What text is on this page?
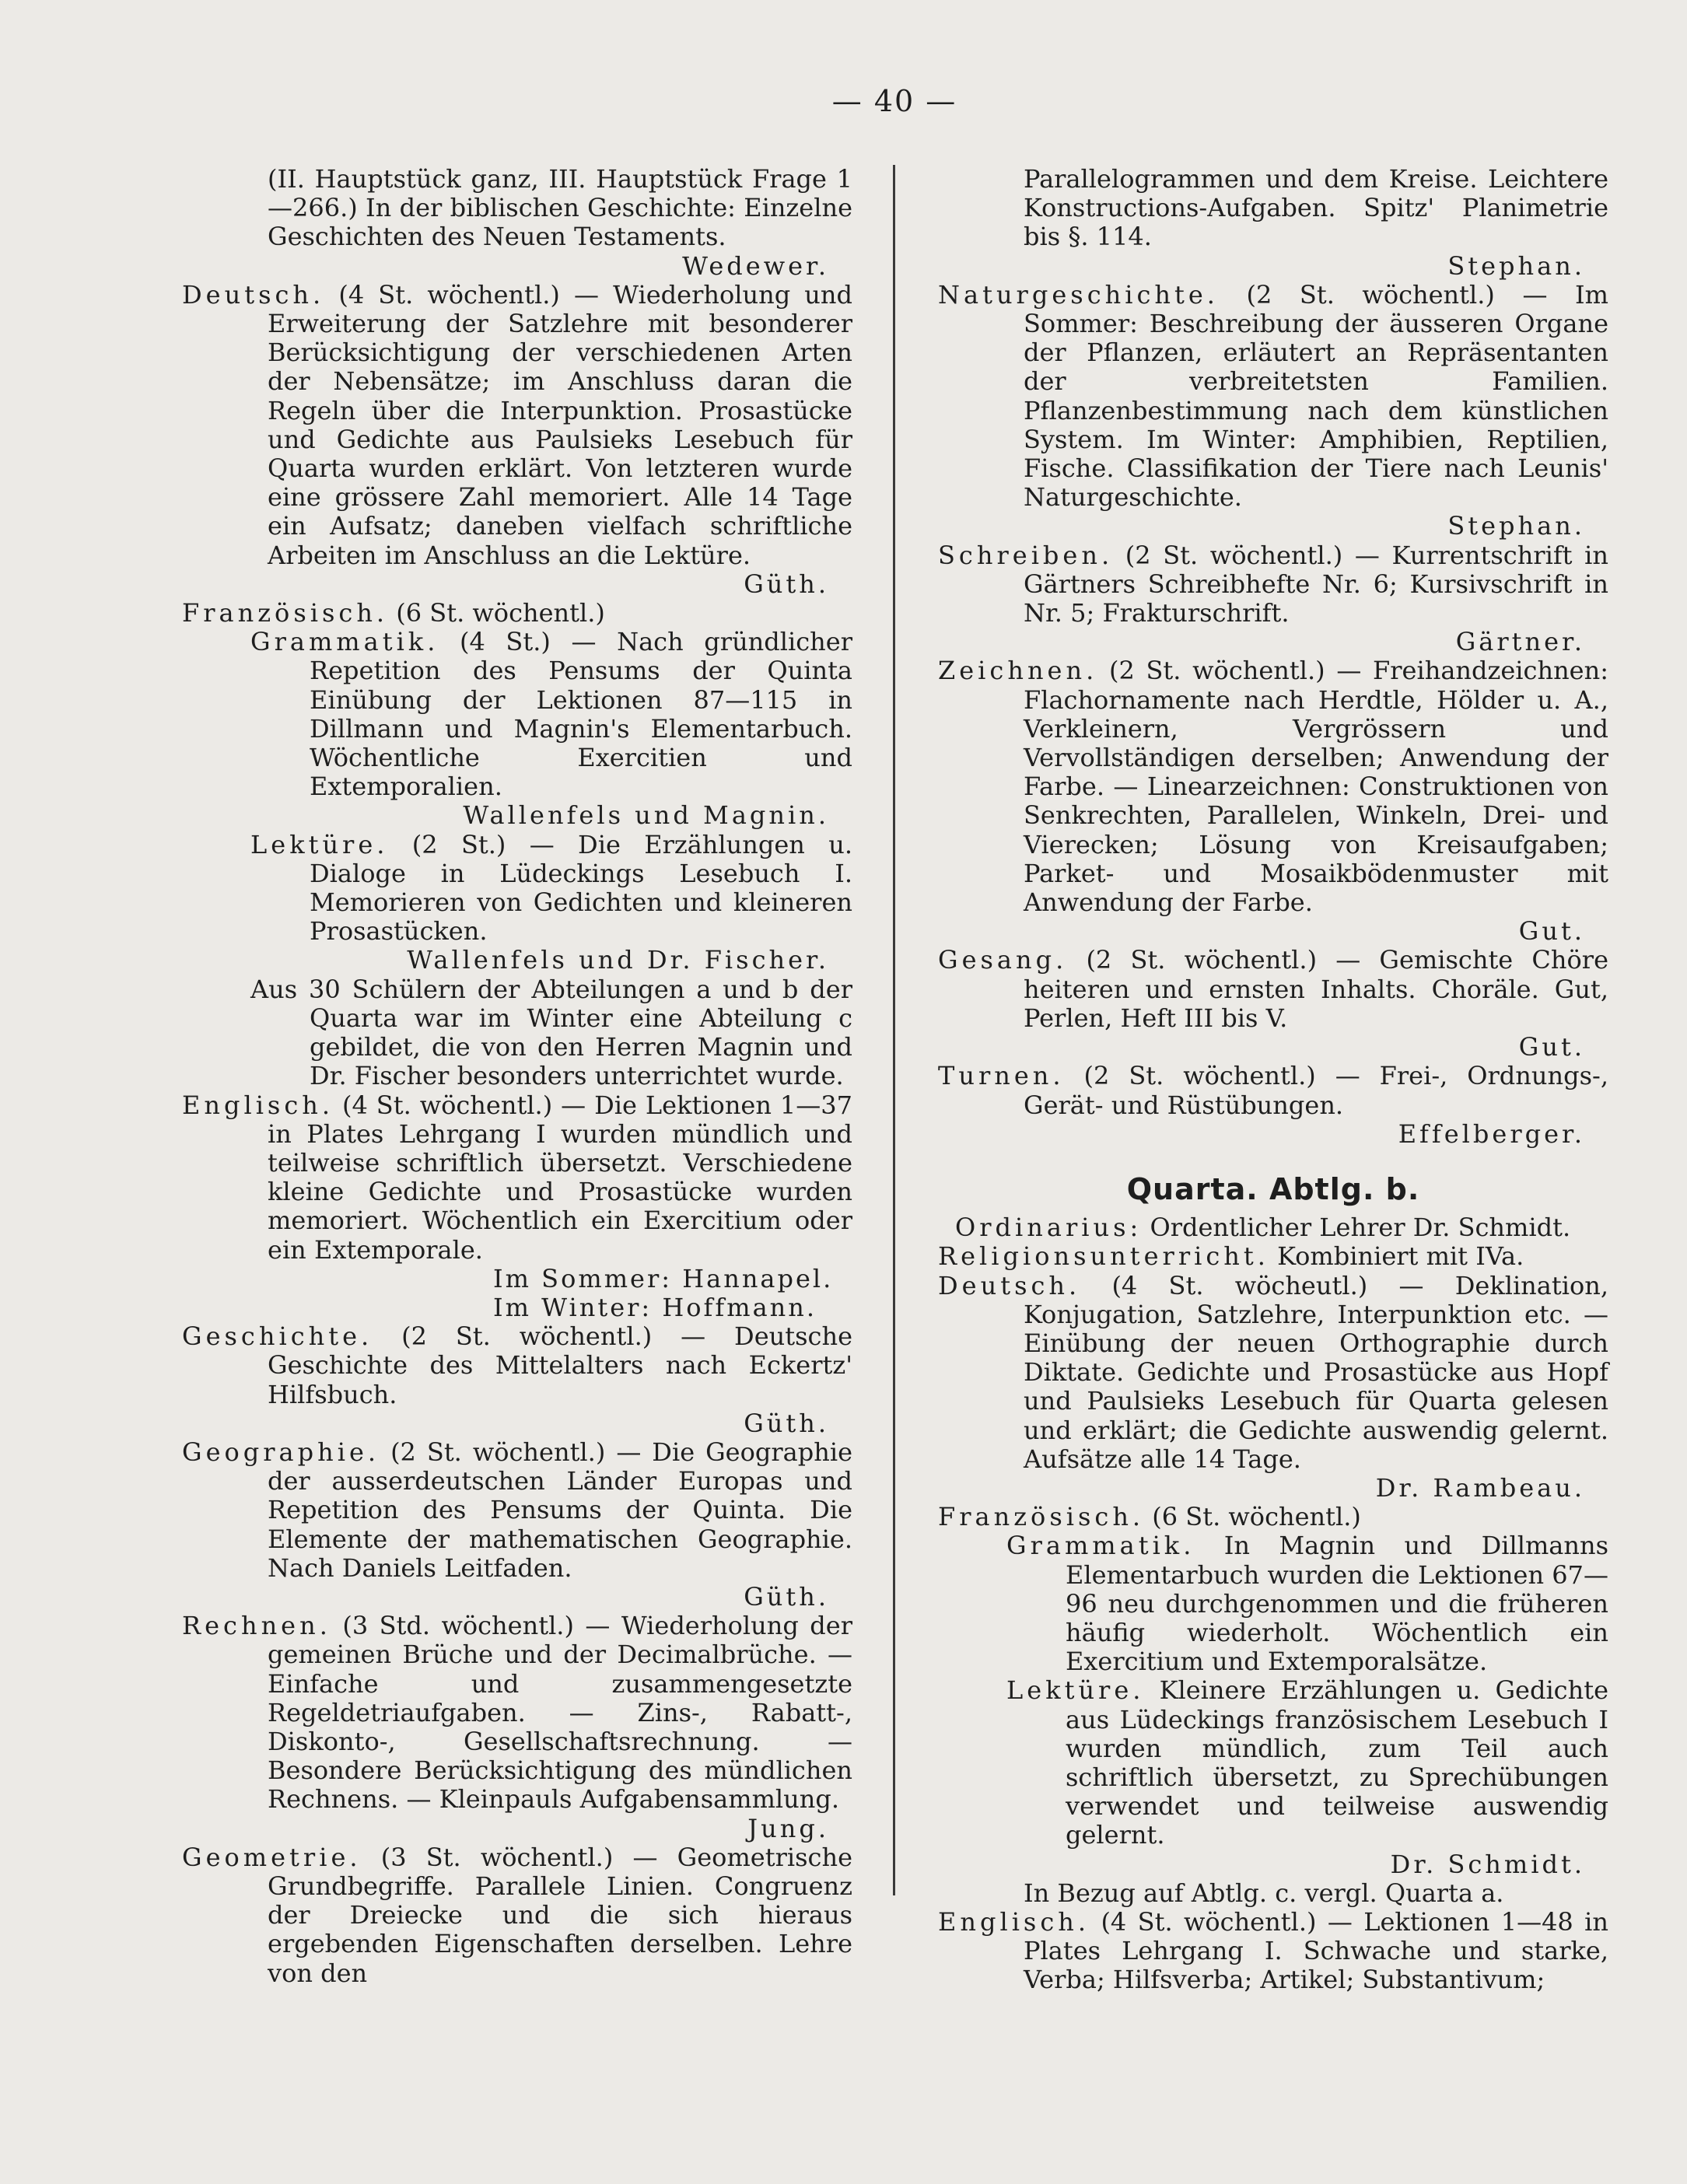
— 40 —

(II. Hauptstück ganz, III. Hauptstück Frage 1—266.) In der biblischen Geschichte: Einzelne Geschichten des Neuen Testaments.

Wedewer.

Deutsch. (4 St. wöchentl.) — Wiederholung und Erweiterung der Satzlehre mit besonderer Berücksichtigung der verschiedenen Arten der Nebensätze; im Anschluss daran die Regeln über die Interpunktion. Prosastücke und Gedichte aus Paulsieks Lesebuch für Quarta wurden erklärt. Von letzteren wurde eine grössere Zahl memoriert. Alle 14 Tage ein Aufsatz; daneben vielfach schriftliche Arbeiten im Anschluss an die Lektüre.

Güth.

Französisch. (6 St. wöchentl.)

Grammatik. (4 St.) — Nach gründlicher Repetition des Pensums der Quinta Einübung der Lektionen 87—115 in Dillmann und Magnin's Elementarbuch. Wöchentliche Exercitien und Extemporalien.

Wallenfels und Magnin.

Lektüre. (2 St.) — Die Erzählungen u. Dialoge in Lüdeckings Lesebuch I. Memorieren von Gedichten und kleineren Prosastücken.

Wallenfels und Dr. Fischer.

Aus 30 Schülern der Abteilungen a und b der Quarta war im Winter eine Abteilung c gebildet, die von den Herren Magnin und Dr. Fischer besonders unterrichtet wurde.

Englisch. (4 St. wöchentl.) — Die Lektionen 1—37 in Plates Lehrgang I wurden mündlich und teilweise schriftlich übersetzt. Verschiedene kleine Gedichte und Prosastücke wurden memoriert. Wöchentlich ein Exercitium oder ein Extemporale.

Im Sommer: Hannapel.

Im Winter: Hoffmann.

Geschichte. (2 St. wöchentl.) — Deutsche Geschichte des Mittelalters nach Eckertz' Hilfsbuch.

Güth.

Geographie. (2 St. wöchentl.) — Die Geographie der ausserdeutschen Länder Europas und Repetition des Pensums der Quinta. Die Elemente der mathematischen Geographie. Nach Daniels Leitfaden.

Güth.

Rechnen. (3 Std. wöchentl.) — Wiederholung der gemeinen Brüche und der Decimalbrüche. — Einfache und zusammengesetzte Regeldetriaufgaben. — Zins-, Rabatt-, Diskonto-, Gesellschaftsrechnung. — Besondere Berücksichtigung des mündlichen Rechnens. — Kleinpauls Aufgabensammlung.

Jung.

Geometrie. (3 St. wöchentl.) — Geometrische Grundbegriffe. Parallele Linien. Congruenz der Dreiecke und die sich hieraus ergebenden Eigenschaften derselben. Lehre von den

Parallelogrammen und dem Kreise. Leichtere Konstructions-Aufgaben. Spitz' Planimetrie bis §. 114.

Stephan.

Naturgeschichte. (2 St. wöchentl.) — Im Sommer: Beschreibung der äusseren Organe der Pflanzen, erläutert an Repräsentanten der verbreitetsten Familien. Pflanzenbestimmung nach dem künstlichen System. Im Winter: Amphibien, Reptilien, Fische. Classifikation der Tiere nach Leunis' Naturgeschichte.

Stephan.

Schreiben. (2 St. wöchentl.) — Kurrentschrift in Gärtners Schreibhefte Nr. 6; Kursivschrift in Nr. 5; Frakturschrift.

Gärtner.

Zeichnen. (2 St. wöchentl.) — Freihandzeichnen: Flachornamente nach Herdtle, Hölder u. A., Verkleinern, Vergrössern und Vervollständigen derselben; Anwendung der Farbe. — Linearzeichnen: Construktionen von Senkrechten, Parallelen, Winkeln, Drei- und Vierecken; Lösung von Kreisaufgaben; Parket- und Mosaikbödenmuster mit Anwendung der Farbe.

Gut.

Gesang. (2 St. wöchentl.) — Gemischte Chöre heiteren und ernsten Inhalts. Choräle. Gut, Perlen, Heft III bis V.

Gut.

Turnen. (2 St. wöchentl.) — Frei-, Ordnungs-, Gerät- und Rüstübungen.

Effelberger.

Quarta. Abtlg. b.

Ordinarius: Ordentlicher Lehrer Dr. Schmidt.

Religionsunterricht. Kombiniert mit IVa.

Deutsch. (4 St. wöcheutl.) — Deklination, Konjugation, Satzlehre, Interpunktion etc. — Einübung der neuen Orthographie durch Diktate. Gedichte und Prosastücke aus Hopf und Paulsieks Lesebuch für Quarta gelesen und erklärt; die Gedichte auswendig gelernt. Aufsätze alle 14 Tage.

Dr. Rambeau.

Französisch. (6 St. wöchentl.)

Grammatik. In Magnin und Dillmanns Elementarbuch wurden die Lektionen 67—96 neu durchgenommen und die früheren häufig wiederholt. Wöchentlich ein Exercitium und Extemporalsätze.

Lektüre. Kleinere Erzählungen u. Gedichte aus Lüdeckings französischem Lesebuch I wurden mündlich, zum Teil auch schriftlich übersetzt, zu Sprechübungen verwendet und teilweise auswendig gelernt.

Dr. Schmidt.

In Bezug auf Abtlg. c. vergl. Quarta a.

Englisch. (4 St. wöchentl.) — Lektionen 1—48 in Plates Lehrgang I. Schwache und starke, Verba; Hilfsverba; Artikel; Substantivum;
